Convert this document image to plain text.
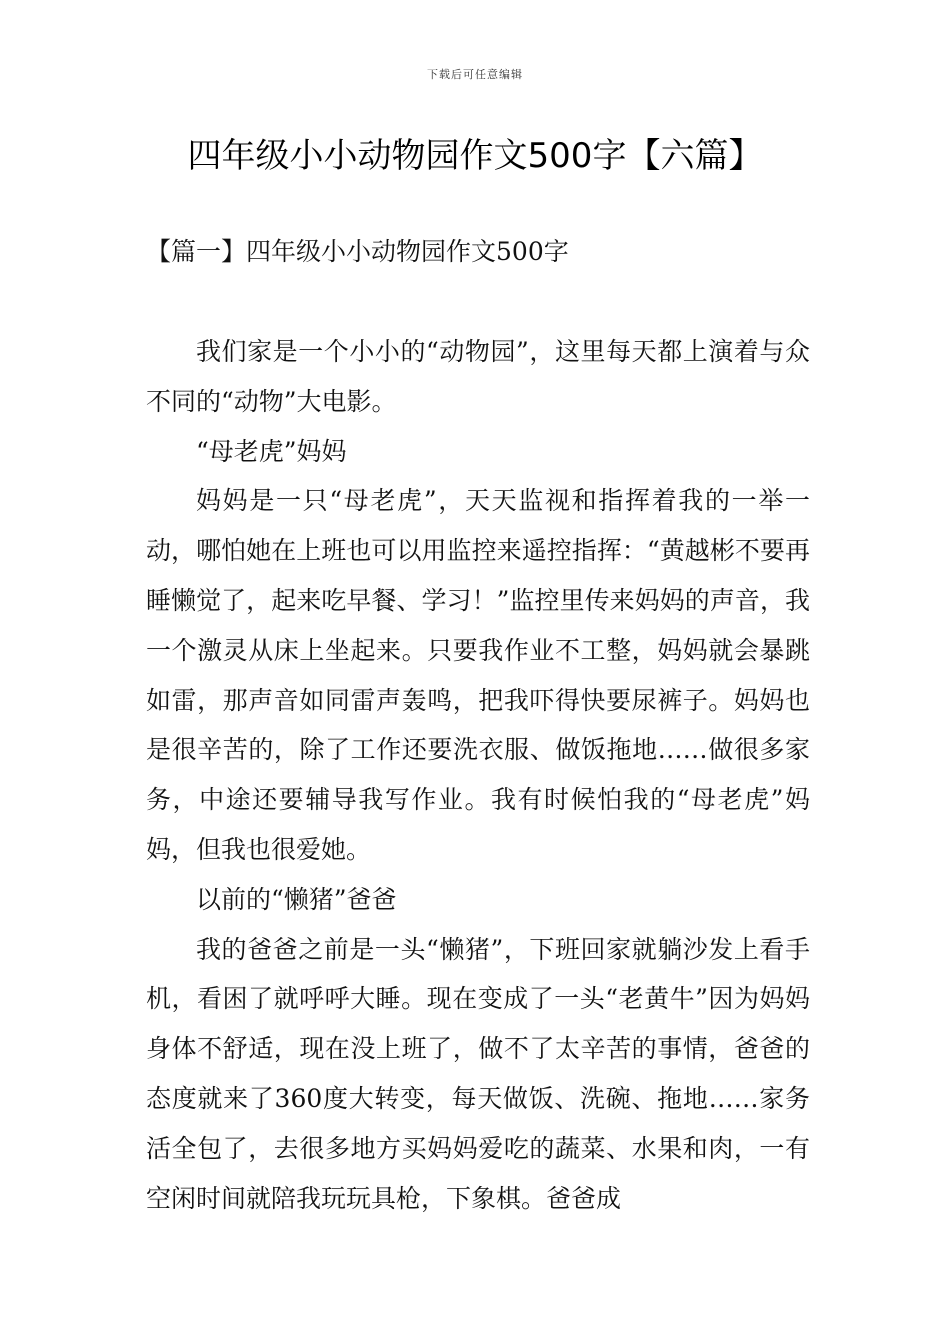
下载后可任意编辑
四年级小小动物园作文500字【六篇】
【篇一】四年级小小动物园作文500字

我们家是一个小小的“动物园”，这里每天都上演着与众不同的“动物”大电影。

“母老虎”妈妈

妈妈是一只“母老虎”，天天监视和指挥着我的一举一动，哪怕她在上班也可以用监控来遥控指挥：“黄越彬不要再睡懒觉了，起来吃早餐、学习！”监控里传来妈妈的声音，我一个激灵从床上坐起来。只要我作业不工整，妈妈就会暴跳如雷，那声音如同雷声轰鸣，把我吓得快要尿裤子。妈妈也是很辛苦的，除了工作还要洗衣服、做饭拖地……做很多家务，中途还要辅导我写作业。我有时候怕我的“母老虎”妈妈，但我也很爱她。

以前的“懒猪”爸爸

我的爸爸之前是一头“懒猪”，下班回家就躺沙发上看手机，看困了就呼呼大睡。现在变成了一头“老黄牛”因为妈妈身体不舒适，现在没上班了，做不了太辛苦的事情，爸爸的态度就来了360度大转变，每天做饭、洗碗、拖地……家务活全包了，去很多地方买妈妈爱吃的蔬菜、水果和肉，一有空闲时间就陪我玩玩具枪，下象棋。爸爸成
